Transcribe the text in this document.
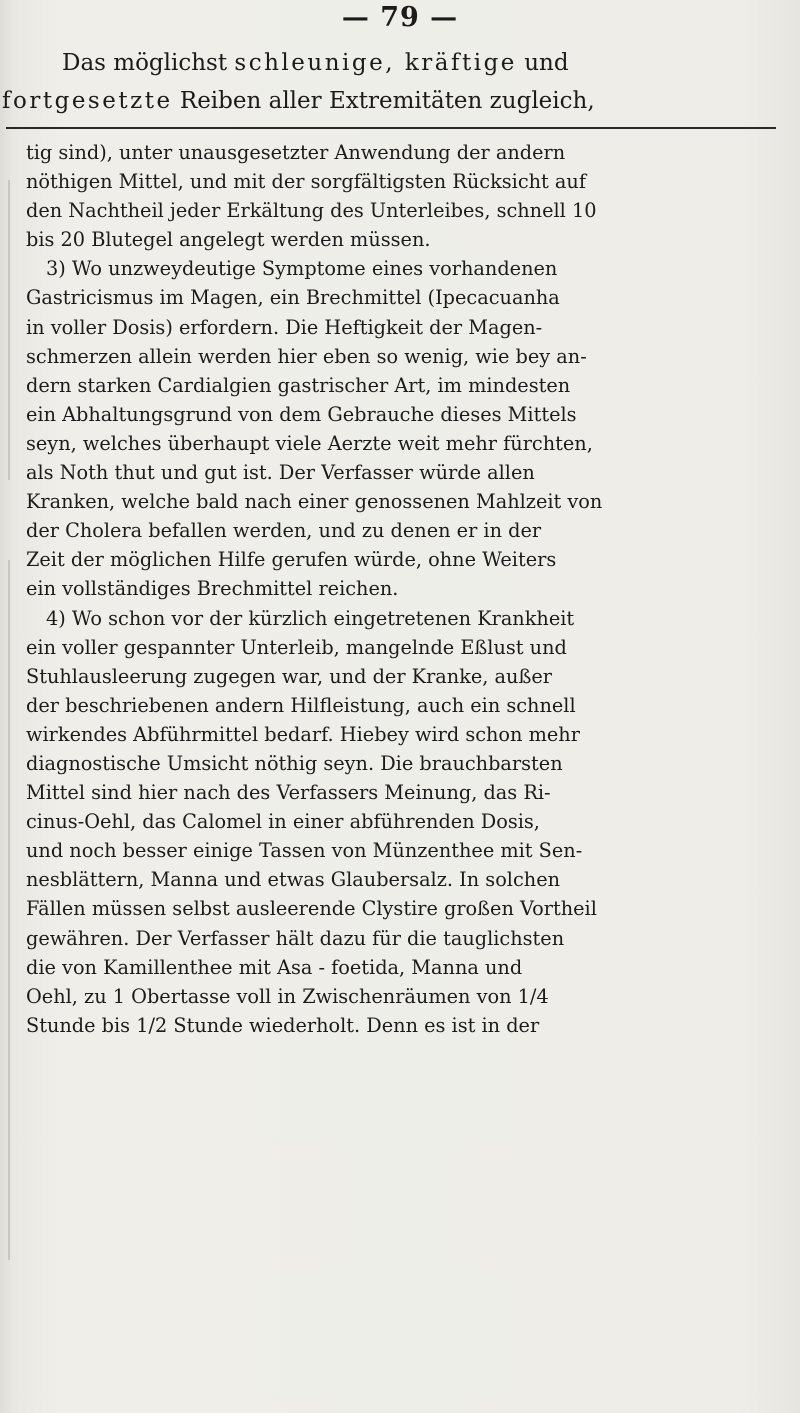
— 79 —
Das möglichst schleunige, kräftige und
fortgesetzte Reiben aller Extremitäten zugleich,
tig sind), unter unausgesetzter Anwendung der andern
nöthigen Mittel, und mit der sorgfältigsten Rücksicht auf
den Nachtheil jeder Erkältung des Unterleibes, schnell 10
bis 20 Blutegel angelegt werden müssen.
3) Wo unzweydeutige Symptome eines vorhandenen
Gastricismus im Magen, ein Brechmittel (Ipecacuanha
in voller Dosis) erfordern. Die Heftigkeit der Magen-
schmerzen allein werden hier eben so wenig, wie bey an-
dern starken Cardialgien gastrischer Art, im mindesten
ein Abhaltungsgrund von dem Gebrauche dieses Mittels
seyn, welches überhaupt viele Aerzte weit mehr fürchten,
als Noth thut und gut ist. Der Verfasser würde allen
Kranken, welche bald nach einer genossenen Mahlzeit von
der Cholera befallen werden, und zu denen er in der
Zeit der möglichen Hilfe gerufen würde, ohne Weiters
ein vollständiges Brechmittel reichen.
4) Wo schon vor der kürzlich eingetretenen Krankheit
ein voller gespannter Unterleib, mangelnde Eßlust und
Stuhlausleerung zugegen war, und der Kranke, außer
der beschriebenen andern Hilfleistung, auch ein schnell
wirkendes Abführmittel bedarf. Hiebey wird schon mehr
diagnostische Umsicht nöthig seyn. Die brauchbarsten
Mittel sind hier nach des Verfassers Meinung, das Ri-
cinus-Oehl, das Calomel in einer abführenden Dosis,
und noch besser einige Tassen von Münzenthee mit Sen-
nesblättern, Manna und etwas Glaubersalz. In solchen
Fällen müssen selbst ausleerende Clystire großen Vortheil
gewähren. Der Verfasser hält dazu für die tauglichsten
die von Kamillenthee mit Asa - foetida, Manna und
Oehl, zu 1 Obertasse voll in Zwischenräumen von 1/4
Stunde bis 1/2 Stunde wiederholt. Denn es ist in der
